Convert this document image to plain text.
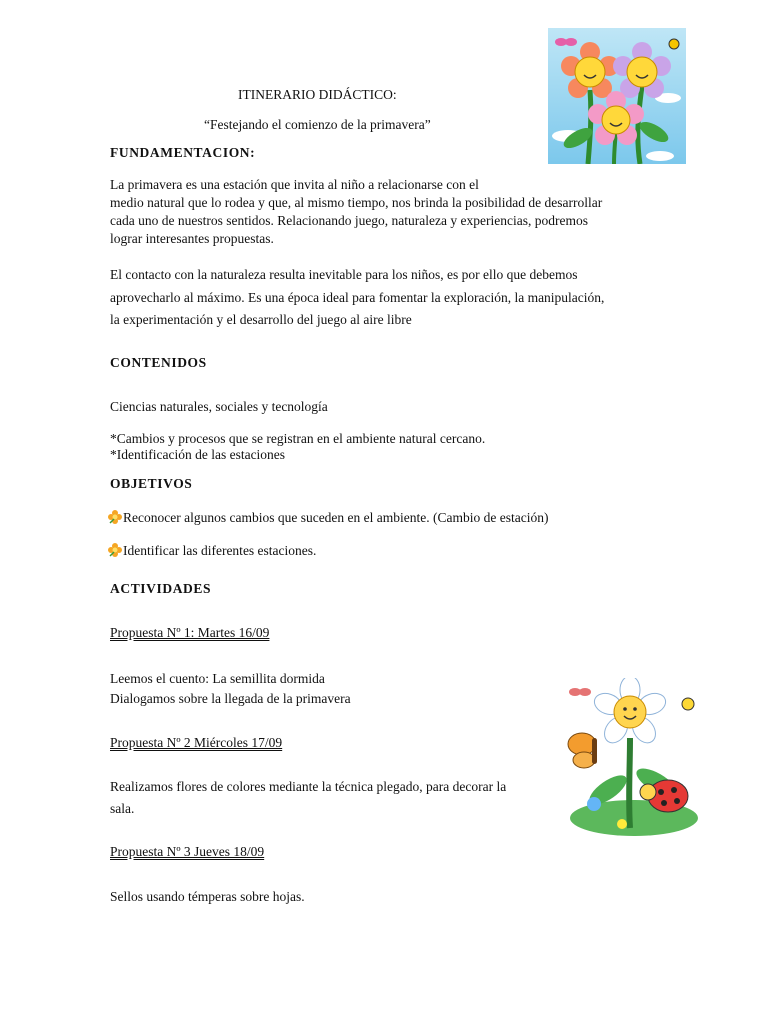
ITINERARIO DIDÁCTICO:

“Festejando el comienzo de la primavera”

FUNDAMENTACION:

La primavera es una estación que invita al niño a relacionarse con el

medio natural que lo rodea y que, al mismo tiempo, nos brinda la posibilidad de desarrollar

cada uno de nuestros sentidos. Relacionando juego, naturaleza y experiencias, podremos

lograr interesantes propuestas.

El contacto con la naturaleza resulta inevitable para los niños, es por ello que debemos

aprovecharlo al máximo. Es una época ideal para fomentar la exploración, la manipulación,

la experimentación y el desarrollo del juego al aire libre

CONTENIDOS

Ciencias naturales, sociales y tecnología

*Cambios y procesos que se registran en el ambiente natural cercano.

*Identificación de las estaciones

OBJETIVOS

Reconocer algunos cambios que suceden en el ambiente. (Cambio de estación)

Identificar las diferentes estaciones.

ACTIVIDADES

Propuesta Nº 1: Martes 16/09

Leemos el cuento: La semillita dormida

Dialogamos sobre la llegada de la primavera

Propuesta Nº 2 Miércoles 17/09

Realizamos flores de colores mediante la técnica plegado, para decorar la

sala.

Propuesta Nº 3 Jueves 18/09

Sellos usando témperas sobre hojas.
